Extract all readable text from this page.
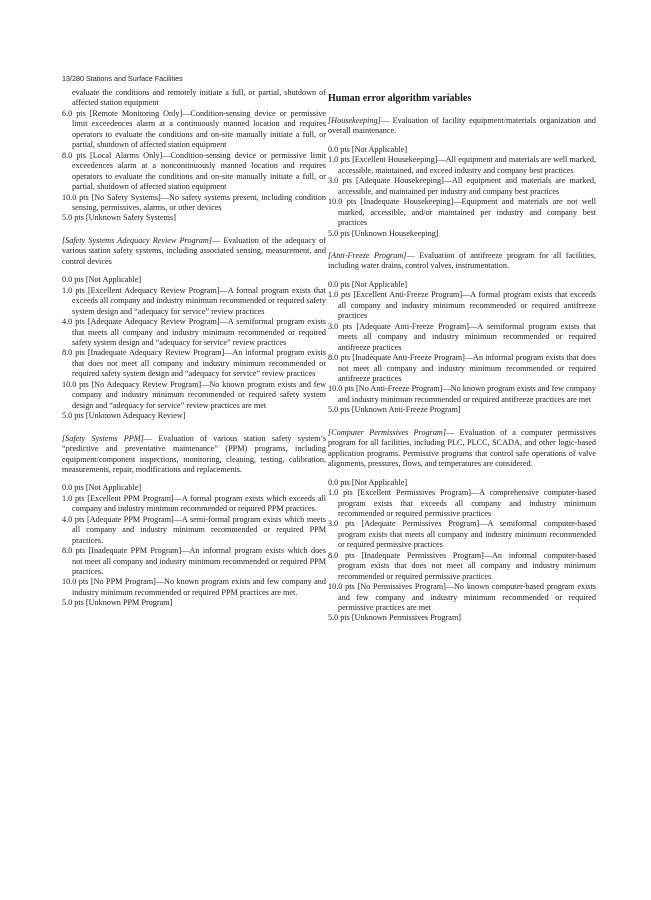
13/280 Stations and Surface Facilities

evaluate the conditions and remotely initiate a full, or partial, shutdown of affected station equipment

6.0 pts [Remote Monitoring Only]—Condition-sensing device or permissive limit exceedences alarm at a continuously manned location and requires operators to evaluate the conditions and on-site manually initiate a full, or partial, shutdown of affected station equipment

8.0 pts [Local Alarms Only]—Condition-sensing device or permissive limit exceedences alarm at a noncontinuously manned location and requires operators to evaluate the conditions and on-site manually initiate a full, or partial, shutdown of affected station equipment

10.0 pts [No Safety Systems]—No safety systems present, including condition sensing, permissives, alarms, or other devices

5.0 pts [Unknown Safety Systems]

[Safety Systems Adequacy Review Program]— Evaluation of the adequacy of various station safety systems, including associated sensing, measurement, and control devices

0.0 pts [Not Applicable]

1.0 pts [Excellent Adequacy Review Program]—A formal program exists that exceeds all company and industry minimum recommended or required safety system design and “adequacy for service” review practices

4.0 pts [Adequate Adequacy Review Program]—A semiformal program exists that meets all company and industry minimum recommended or required safety system design and “adequacy for service” review practices

8.0 pts [Inadequate Adequacy Review Program]—An informal program exists that does not meet all company and industry minimum recommended or required safety system design and “adequacy for service” review practices

10.0 pts [No Adequacy Review Program]—No known program exists and few company and industry minimum recommended or required safety system design and “adequacy for service” review practices are met

5.0 pts [Unknown Adequacy Review]

[Safety Systems PPM]— Evaluation of various station safety system’s “predictive and preventative maintenance” (PPM) programs, including equipment/component inspections, monitoring, cleaning, testing, calibration, measurements, repair, modifications and replacements.

0.0 pts [Not Applicable]

1.0 pts [Excellent PPM Program]—A formal program exists which exceeds all company and industry minimum recommended or required PPM practices.

4.0 pts [Adequate PPM Program]—A semi-formal program exists which meets all company and industry minimum recommended or required PPM practices.

8.0 pts [Inadequate PPM Program]—An informal program exists which does not meet all company and industry minimum recommended or required PPM practices.

10.0 pts [No PPM Program]—No known program exists and few company and industry minimum recommended or required PPM practices are met.

5.0 pts [Unknown PPM Program]

Human error algorithm variables

[Housekeeping]— Evaluation of facility equipment/materials organization and overall maintenance.

0.0 pts [Not Applicable]

1.0 pts [Excellent Housekeeping]—All equipment and materials are well marked, accessible, maintained, and exceed industry and company best practices

3.0 pts [Adequate Housekeeping]—All equipment and materials are marked, accessible, and maintained per industry and company best practices

10.0 pts [Inadequate Housekeeping]—Equipment and materials are not well marked, accessible, and/or maintained per industry and company best practices

5.0 pts [Unknown Housekeeping]

[Anti-Freeze Program]— Evaluation of antifreeze program for all facilities, including water drains, control valves, instrumentation.

0.0 pts [Not Applicable]

1.0 pts [Excellent Anti-Freeze Program]—A formal program exists that exceeds all company and industry minimum recommended or required antifreeze practices

3.0 pts [Adequate Anti-Freeze Program]—A semiformal program exists that meets all company and industry minimum recommended or required antifreeze practices

8.0 pts [Inadequate Anti-Freeze Program]—An informal program exists that does not meet all company and industry minimum recommended or required antifreeze practices

10.0 pts [No Anti-Freeze Program]—No known program exists and few company and industry minimum recommended or required antifreeze practices are met

5.0 pts [Unknown Anti-Freeze Program]

[Computer Permissives Program]— Evaluation of a computer permissives program for all facilities, including PLC, PLCC, SCADA, and other logic-based application programs. Permissive programs that control safe operations of valve alignments, pressures, flows, and temperatures are considered.

0.0 pts [Not Applicable]

1.0 pts [Excellent Permissives Program]—A comprehensive computer-based program exists that exceeds all company and industry minimum recommended or required permissive practices

3.0 pts [Adequate Permissives Program]—A semiformal computer-based program exists that meets all company and industry minimum recommended or required permissive practices

8.0 pts [Inadequate Permissives Program]—An informal computer-based program exists that does not meet all company and industry minimum recommended or required permissive practices

10.0 pts [No Permissives Program]—No known computer-based program exists and few company and industry minimum recommended or required permissive practices are met

5.0 pts [Unknown Permissives Program]
